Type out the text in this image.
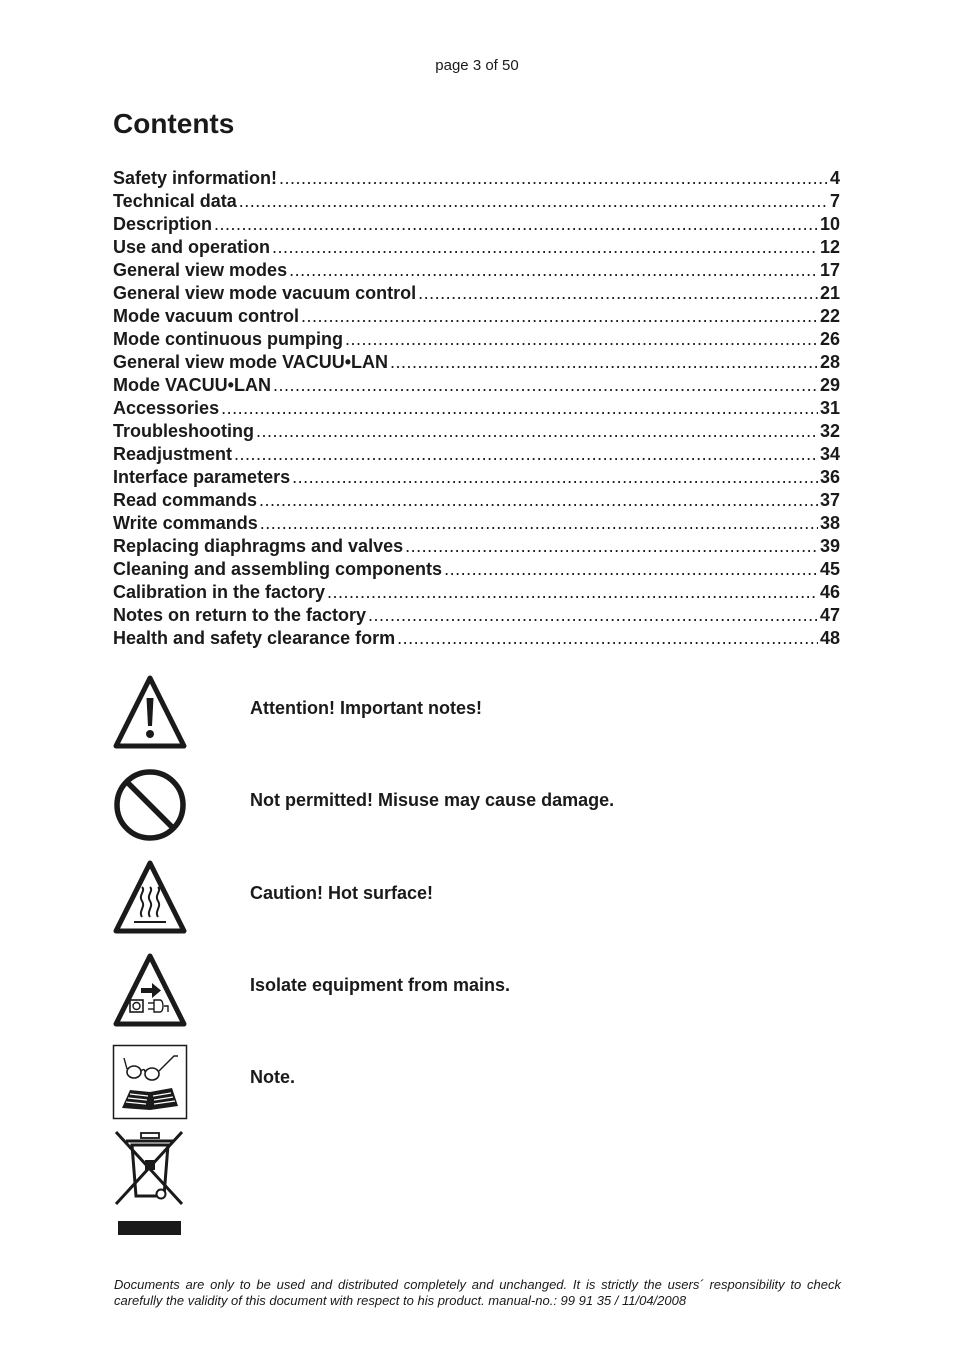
page 3 of 50
Contents
Safety information! .....	4
Technical data .....	7
Description .....	10
Use and operation .....	12
General view modes .....	17
General view mode vacuum control .....	21
Mode vacuum control .....	22
Mode continuous pumping .....	26
General view mode VACUU•LAN .....	28
Mode VACUU•LAN .....	29
Accessories .....	31
Troubleshooting .....	32
Readjustment .....	34
Interface parameters .....	36
Read commands .....	37
Write commands .....	38
Replacing diaphragms and valves .....	39
Cleaning and assembling components .....	45
Calibration in the factory .....	46
Notes on return to the factory .....	47
Health and safety clearance form .....	48
Attention! Important notes!
Not permitted! Misuse may cause damage.
Caution! Hot surface!
Isolate equipment from mains.
Note.
Documents are only to be used and distributed completely and unchanged. It is strictly the users´ responsibility to check carefully the validity of this document with respect to his product. manual-no.: 99 91 35 / 11/04/2008
